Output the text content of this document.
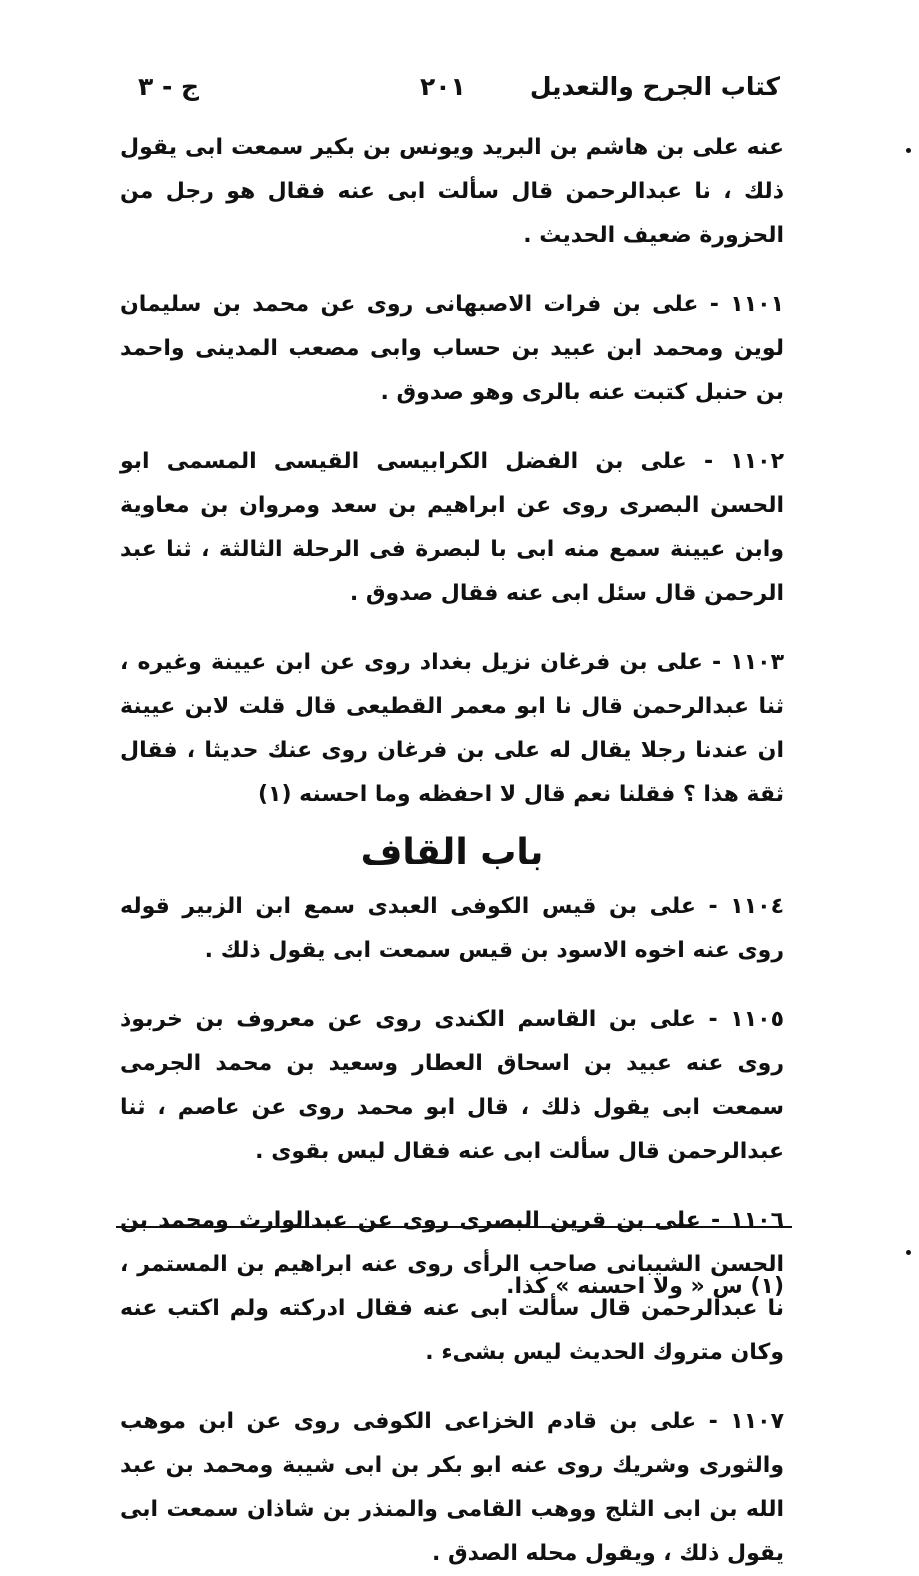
كتاب الجرح والتعديل
٢٠١
ج - ٣

عنه على بن هاشم بن البريد ويونس بن بكير سمعت ابى يقول ذلك ، نا عبدالرحمن قال سألت ابى عنه فقال هو رجل من الحزورة ضعيف الحديث .

١١٠١ - على بن فرات الاصبهانى روى عن محمد بن سليمان لوين ومحمد ابن عبيد بن حساب وابى مصعب المدينى واحمد بن حنبل كتبت عنه بالرى وهو صدوق .

١١٠٢ - على بن الفضل الكرابيسى القيسى المسمى ابو الحسن البصرى روى عن ابراهيم بن سعد ومروان بن معاوية وابن عيينة سمع منه ابى با لبصرة فى الرحلة الثالثة ، ثنا عبد الرحمن قال سئل ابى عنه فقال صدوق .

١١٠٣ - على بن فرغان نزيل بغداد روى عن ابن عيينة وغيره ، ثنا عبدالرحمن قال نا ابو معمر القطيعى قال قلت لابن عيينة ان عندنا رجلا يقال له على بن فرغان روى عنك حديثا ، فقال ثقة هذا ؟ فقلنا نعم قال لا احفظه وما احسنه (١)

باب القاف

١١٠٤ - على بن قيس الكوفى العبدى سمع ابن الزبير قوله روى عنه اخوه الاسود بن قيس سمعت ابى يقول ذلك .

١١٠٥ - على بن القاسم الكندى روى عن معروف بن خربوذ روى عنه عبيد بن اسحاق العطار وسعيد بن محمد الجرمى سمعت ابى يقول ذلك ، قال ابو محمد روى عن عاصم ، ثنا عبدالرحمن قال سألت ابى عنه فقال ليس بقوى .

١١٠٦ - على بن قرين البصرى روى عن عبدالوارث ومحمد بن الحسن الشيبانى صاحب الرأى روى عنه ابراهيم بن المستمر ، نا عبدالرحمن قال سألت ابى عنه فقال ادركته ولم اكتب عنه وكان متروك الحديث ليس بشىء .

١١٠٧ - على بن قادم الخزاعى الكوفى روى عن ابن موهب والثورى وشريك روى عنه ابو بكر بن ابى شيبة ومحمد بن عبد الله بن ابى الثلج ووهب القامى والمنذر بن شاذان سمعت ابى يقول ذلك ، ويقول محله الصدق .

(١) س « ولا احسنه » كذا.
